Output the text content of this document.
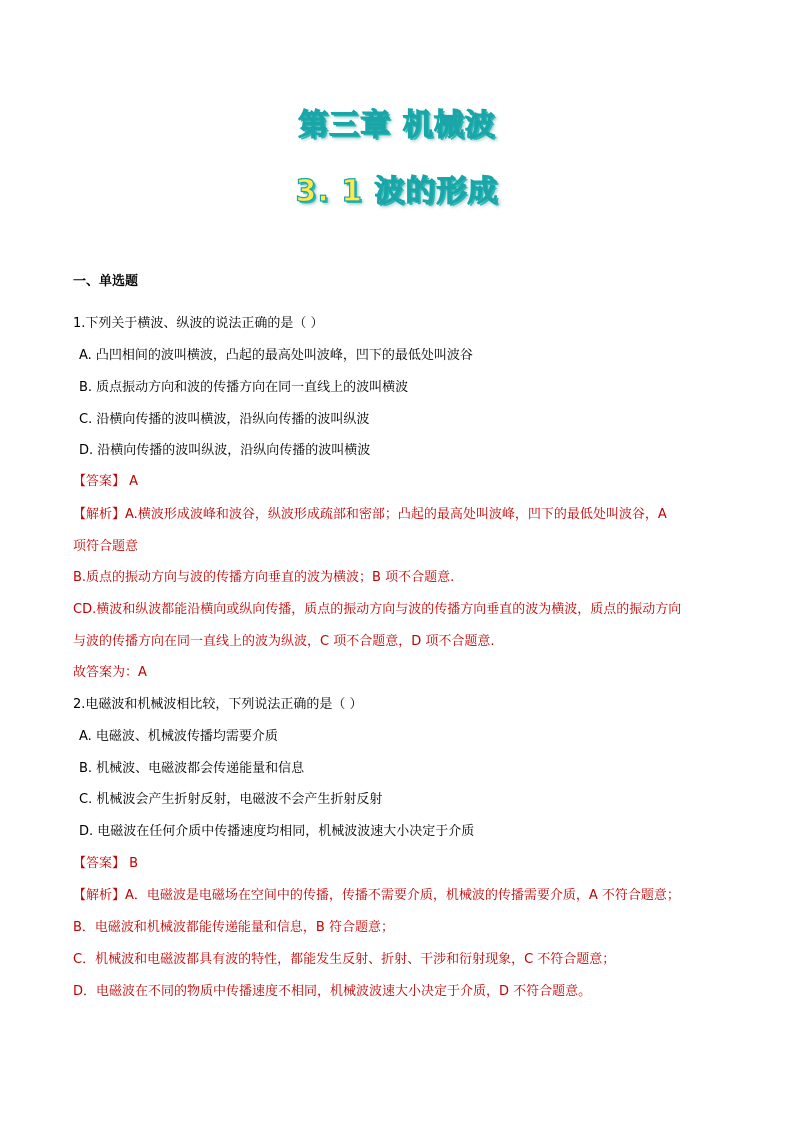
第三章 机械波
3. 1 波的形成
一、单选题
1.下列关于横波、纵波的说法正确的是（ ）
A. 凸凹相间的波叫横波，凸起的最高处叫波峰，凹下的最低处叫波谷
B. 质点振动方向和波的传播方向在同一直线上的波叫横波
C. 沿横向传播的波叫横波，沿纵向传播的波叫纵波
D. 沿横向传播的波叫纵波，沿纵向传播的波叫横波
【答案】 A
【解析】A.横波形成波峰和波谷，纵波形成疏部和密部；凸起的最高处叫波峰，凹下的最低处叫波谷，A
项符合题意
B.质点的振动方向与波的传播方向垂直的波为横波；B 项不合题意.
CD.横波和纵波都能沿横向或纵向传播，质点的振动方向与波的传播方向垂直的波为横波，质点的振动方向
与波的传播方向在同一直线上的波为纵波，C 项不合题意，D 项不合题意.
故答案为：A
2.电磁波和机械波相比较，下列说法正确的是（ ）
A. 电磁波、机械波传播均需要介质
B. 机械波、电磁波都会传递能量和信息
C. 机械波会产生折射反射，电磁波不会产生折射反射
D. 电磁波在任何介质中传播速度均相同，机械波波速大小决定于介质
【答案】 B
【解析】A．电磁波是电磁场在空间中的传播，传播不需要介质，机械波的传播需要介质，A 不符合题意；
B．电磁波和机械波都能传递能量和信息，B 符合题意；
C．机械波和电磁波都具有波的特性，都能发生反射、折射、干涉和衍射现象，C 不符合题意；
D．电磁波在不同的物质中传播速度不相同，机械波波速大小决定于介质，D 不符合题意。
